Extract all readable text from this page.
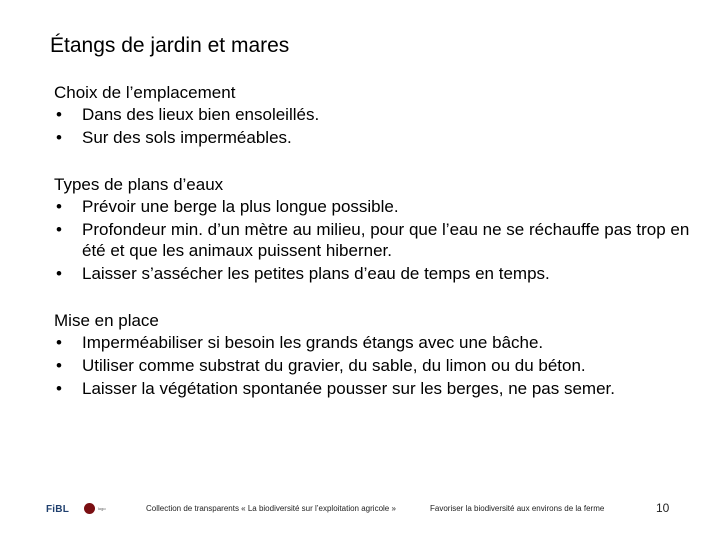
Étangs de jardin et mares

Choix de l’emplacement

• Dans des lieux bien ensoleillés.
• Sur des sols imperméables.

Types de plans d’eaux

• Prévoir une berge la plus longue possible.
• Profondeur min. d’un mètre au milieu, pour que l’eau ne se réchauffe pas trop en été et que les animaux puissent hiberner.
• Laisser s’assécher les petites plans d’eau de temps en temps.

Mise en place

• Imperméabiliser si besoin les grands étangs avec une bâche.
• Utiliser comme substrat du gravier, du sable, du limon ou du béton.
• Laisser la végétation spontanée pousser sur les berges, ne pas semer.
FiBL	logo	Collection de transparents « La biodiversité sur l’exploitation agricole »	Favoriser la biodiversité aux environs de la ferme	10
